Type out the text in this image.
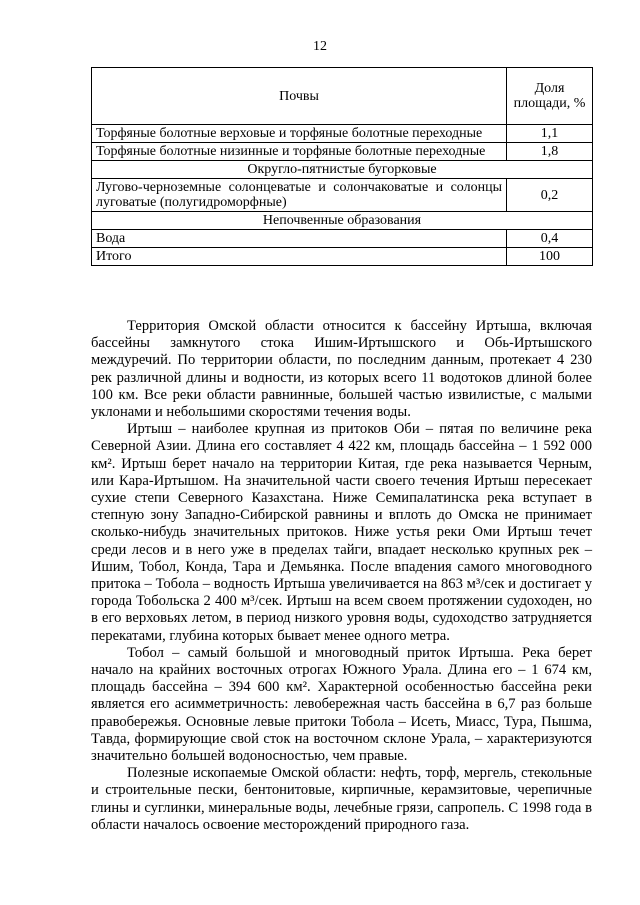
12
Почвы	Доля площади, %
Торфяные болотные верховые и торфяные болотные переходные	1,1
Торфяные болотные низинные и торфяные болотные переходные	1,8
Округло-пятнистые бугорковые	
Лугово-черноземные солонцеватые и солончаковатые и солонцы луговатые (полугидроморфные)	0,2
Непочвенные образования	
Вода	0,4
Итого	100

Территория Омской области относится к бассейну Иртыша, включая бассейны замкнутого стока Ишим-Иртышского и Обь-Иртышского междуречий. По территории области, по последним данным, протекает 4 230 рек различной длины и водности, из которых всего 11 водотоков длиной более 100 км. Все реки области равнинные, большей частью извилистые, с малыми уклонами и небольшими скоростями течения воды.

Иртыш – наиболее крупная из притоков Оби – пятая по величине река Северной Азии. Длина его составляет 4 422 км, площадь бассейна – 1 592 000 км². Иртыш берет начало на территории Китая, где река называется Черным, или Кара-Иртышом. На значительной части своего течения Иртыш пересекает сухие степи Северного Казахстана. Ниже Семипалатинска река вступает в степную зону Западно-Сибирской равнины и вплоть до Омска не принимает сколько-нибудь значительных притоков. Ниже устья реки Оми Иртыш течет среди лесов и в него уже в пределах тайги, впадает несколько крупных рек – Ишим, Тобол, Конда, Тара и Демьянка. После впадения самого многоводного притока – Тобола – водность Иртыша увеличивается на 863 м³/сек и достигает у города Тобольска 2 400 м³/сек. Иртыш на всем своем протяжении судоходен, но в его верховьях летом, в период низкого уровня воды, судоходство затрудняется перекатами, глубина которых бывает менее одного метра.

Тобол – самый большой и многоводный приток Иртыша. Река берет начало на крайних восточных отрогах Южного Урала. Длина его – 1 674 км, площадь бассейна – 394 600 км². Характерной особенностью бассейна реки является его асимметричность: левобережная часть бассейна в 6,7 раз больше правобережья. Основные левые притоки Тобола – Исеть, Миасс, Тура, Пышма, Тавда, формирующие свой сток на восточном склоне Урала, – характеризуются значительно большей водоносностью, чем правые.

Полезные ископаемые Омской области: нефть, торф, мергель, стекольные и строительные пески, бентонитовые, кирпичные, керамзитовые, черепичные глины и суглинки, минеральные воды, лечебные грязи, сапропель. С 1998 года в области началось освоение месторождений природного газа.
